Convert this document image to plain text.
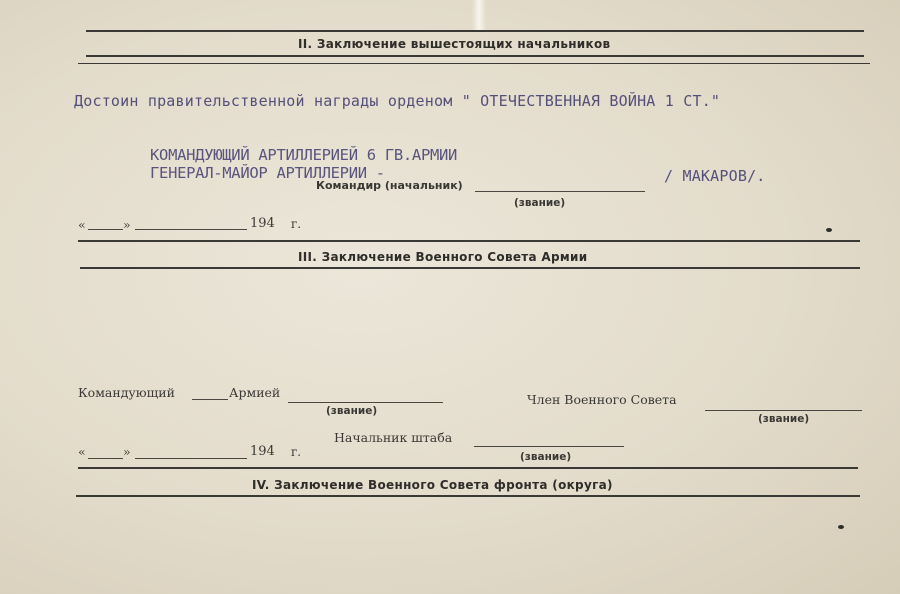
II. Заключение вышестоящих начальников
Достоин правительственной награды орденом " ОТЕЧЕСТВЕННАЯ ВОЙНА 1 СТ."
КОМАНДУЮЩИЙ АРТИЛЛЕРИЕЙ 6 ГВ.АРМИИ
ГЕНЕРАЛ-МАЙОР АРТИЛЛЕРИИ -
Командир (начальник)
(звание)
/ МАКАРОВ/.
«	»	194 г.
III. Заключение Военного Совета Армии
Командующий	Армией
(звание)
Член Военного Совета
(звание)
Начальник штаба
(звание)
«	»	194 г.
IV. Заключение Военного Совета фронта (округа)
